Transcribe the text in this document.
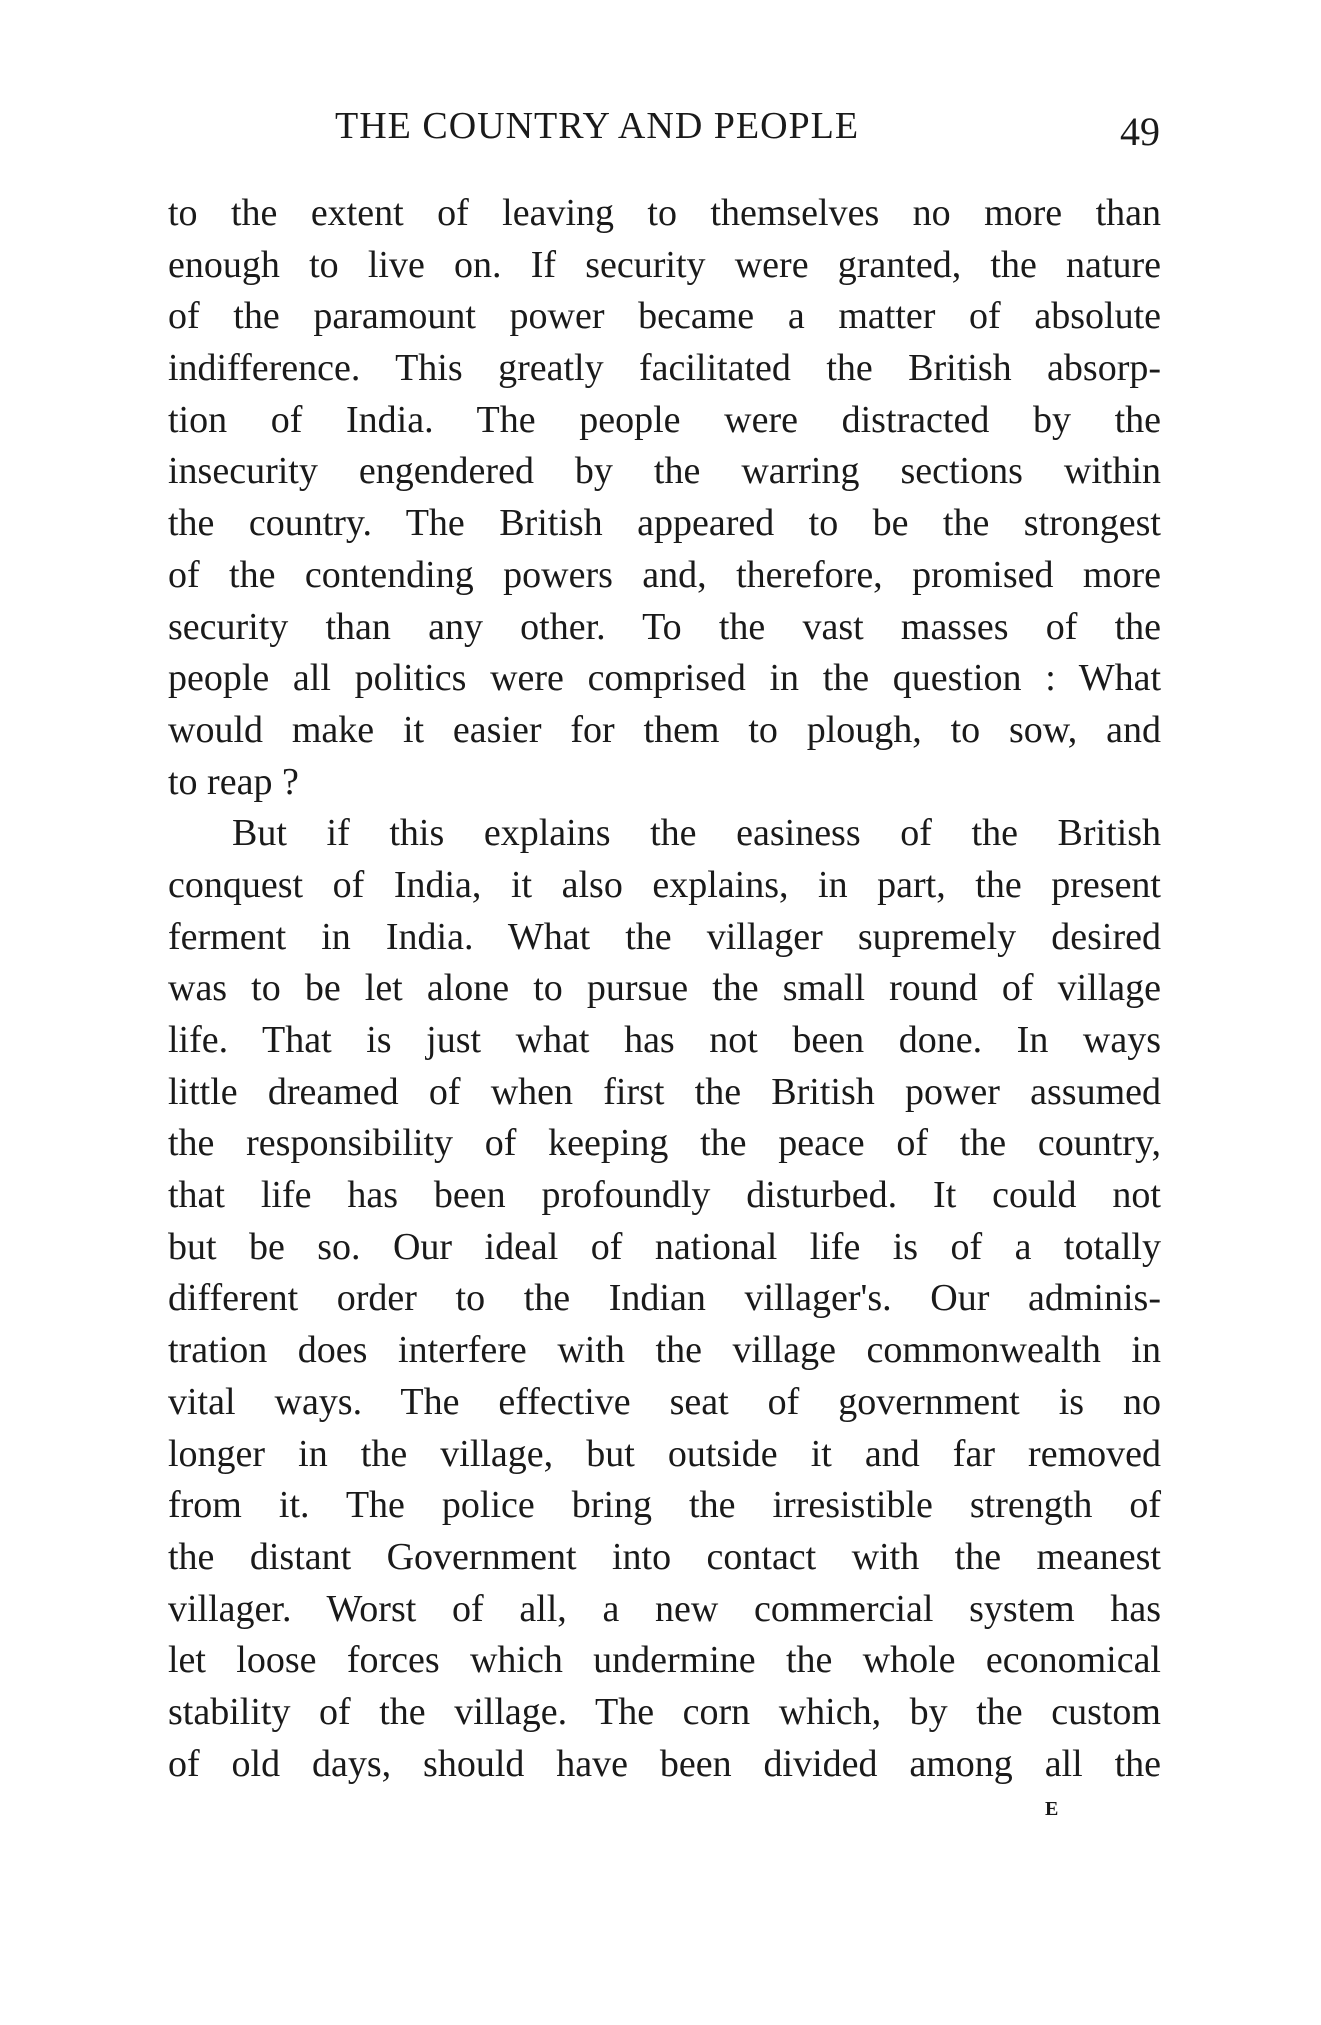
THE COUNTRY AND PEOPLE	49
to the extent of leaving to themselves no more than
enough to live on. If security were granted, the nature
of the paramount power became a matter of absolute
indifference. This greatly facilitated the British absorp-
tion of India. The people were distracted by the
insecurity engendered by the warring sections within
the country. The British appeared to be the strongest
of the contending powers and, therefore, promised more
security than any other. To the vast masses of the
people all politics were comprised in the question : What
would make it easier for them to plough, to sow, and
to reap ?
But if this explains the easiness of the British
conquest of India, it also explains, in part, the present
ferment in India. What the villager supremely desired
was to be let alone to pursue the small round of village
life. That is just what has not been done. In ways
little dreamed of when first the British power assumed
the responsibility of keeping the peace of the country,
that life has been profoundly disturbed. It could not
but be so. Our ideal of national life is of a totally
different order to the Indian villager's. Our adminis-
tration does interfere with the village commonwealth in
vital ways. The effective seat of government is no
longer in the village, but outside it and far removed
from it. The police bring the irresistible strength of
the distant Government into contact with the meanest
villager. Worst of all, a new commercial system has
let loose forces which undermine the whole economical
stability of the village. The corn which, by the custom
of old days, should have been divided among all the
E
